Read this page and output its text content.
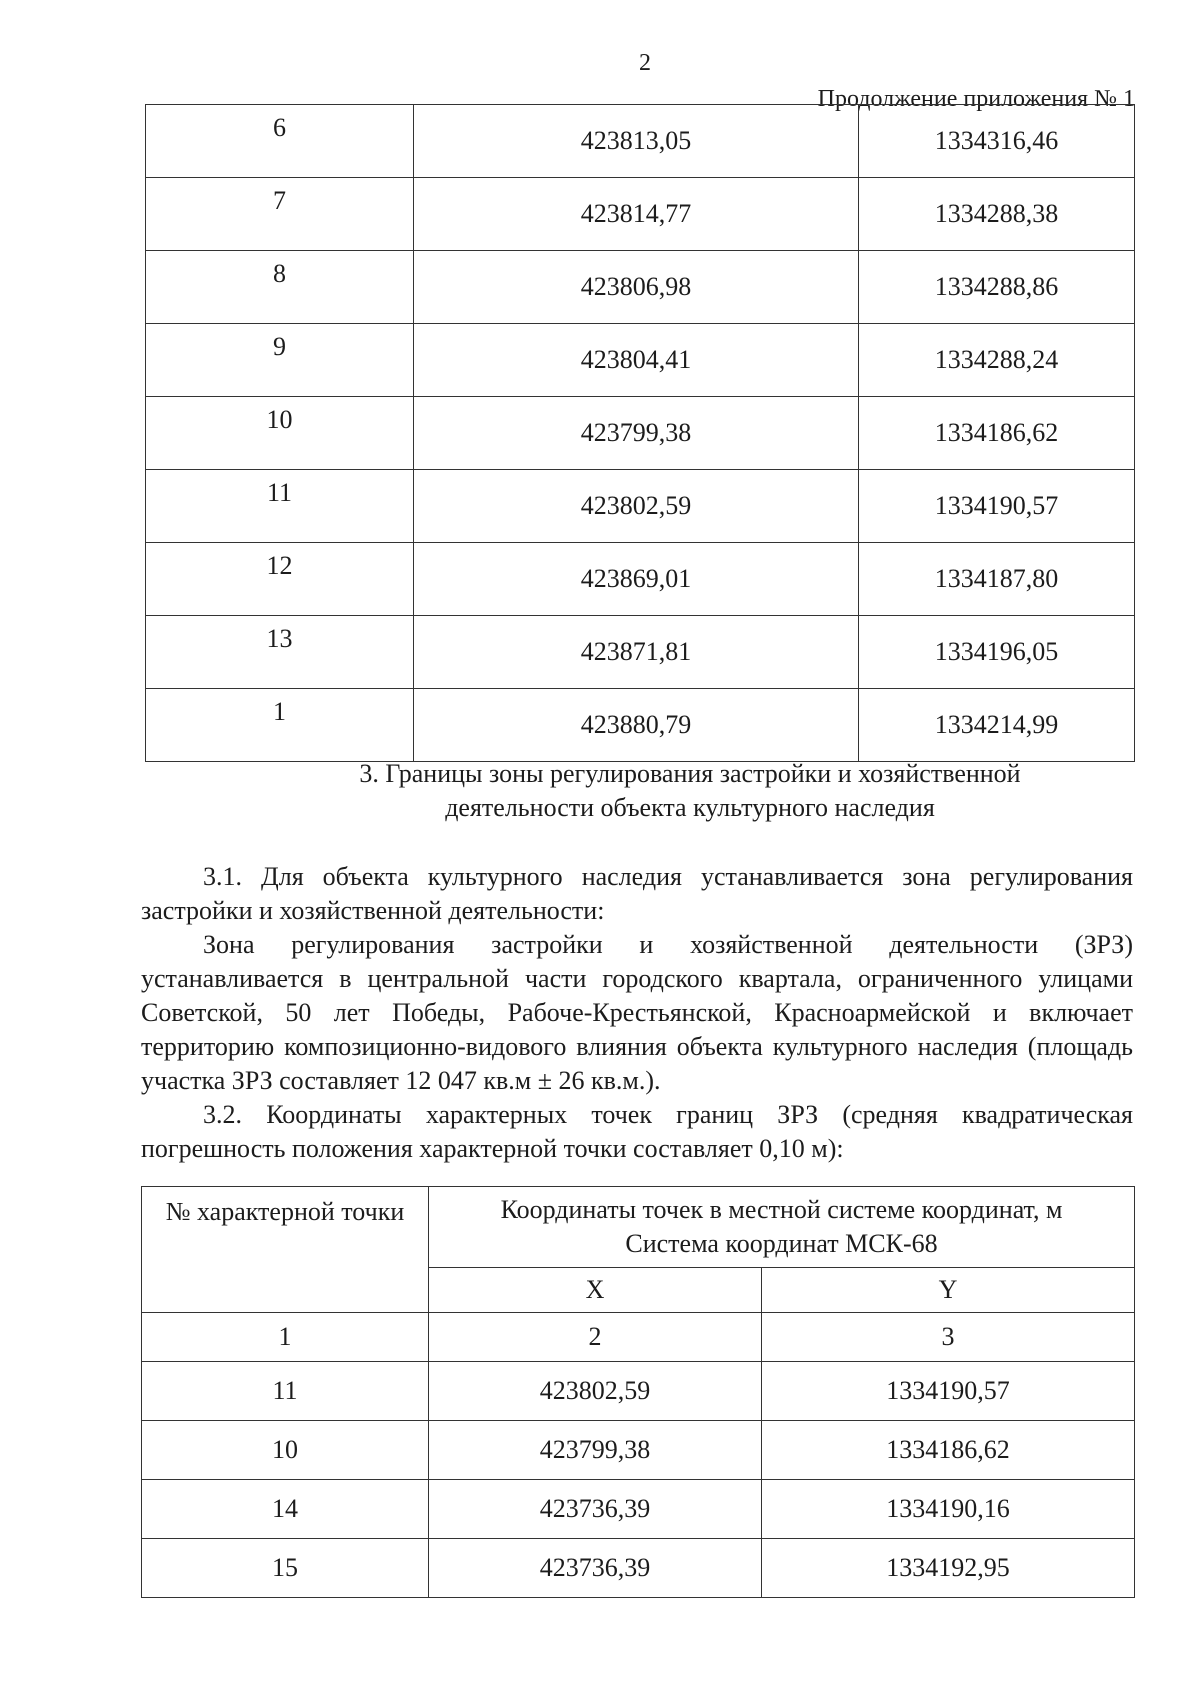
2
Продолжение приложения № 1
6	423813,05	1334316,46
7	423814,77	1334288,38
8	423806,98	1334288,86
9	423804,41	1334288,24
10	423799,38	1334186,62
11	423802,59	1334190,57
12	423869,01	1334187,80
13	423871,81	1334196,05
1	423880,79	1334214,99
3. Границы зоны регулирования застройки и хозяйственной
деятельности объекта культурного наследия

3.1. Для объекта культурного наследия устанавливается зона регулирования застройки и хозяйственной деятельности:

Зона регулирования застройки и хозяйственной деятельности (ЗРЗ) устанавливается в центральной части городского квартала, ограниченного улицами Советской, 50 лет Победы, Рабоче-Крестьянской, Красноармейской и включает территорию композиционно-видового влияния объекта культурного наследия (площадь участка ЗРЗ составляет 12 047 кв.м ± 26 кв.м.).

3.2. Координаты характерных точек границ ЗРЗ (средняя квадратическая погрешность положения характерной точки составляет 0,10 м):

№ характерной точки	Координаты точек в местной системе координат, м
Система координат МСК-68	

	X	Y
1	2	3
11	423802,59	1334190,57
10	423799,38	1334186,62
14	423736,39	1334190,16
15	423736,39	1334192,95
